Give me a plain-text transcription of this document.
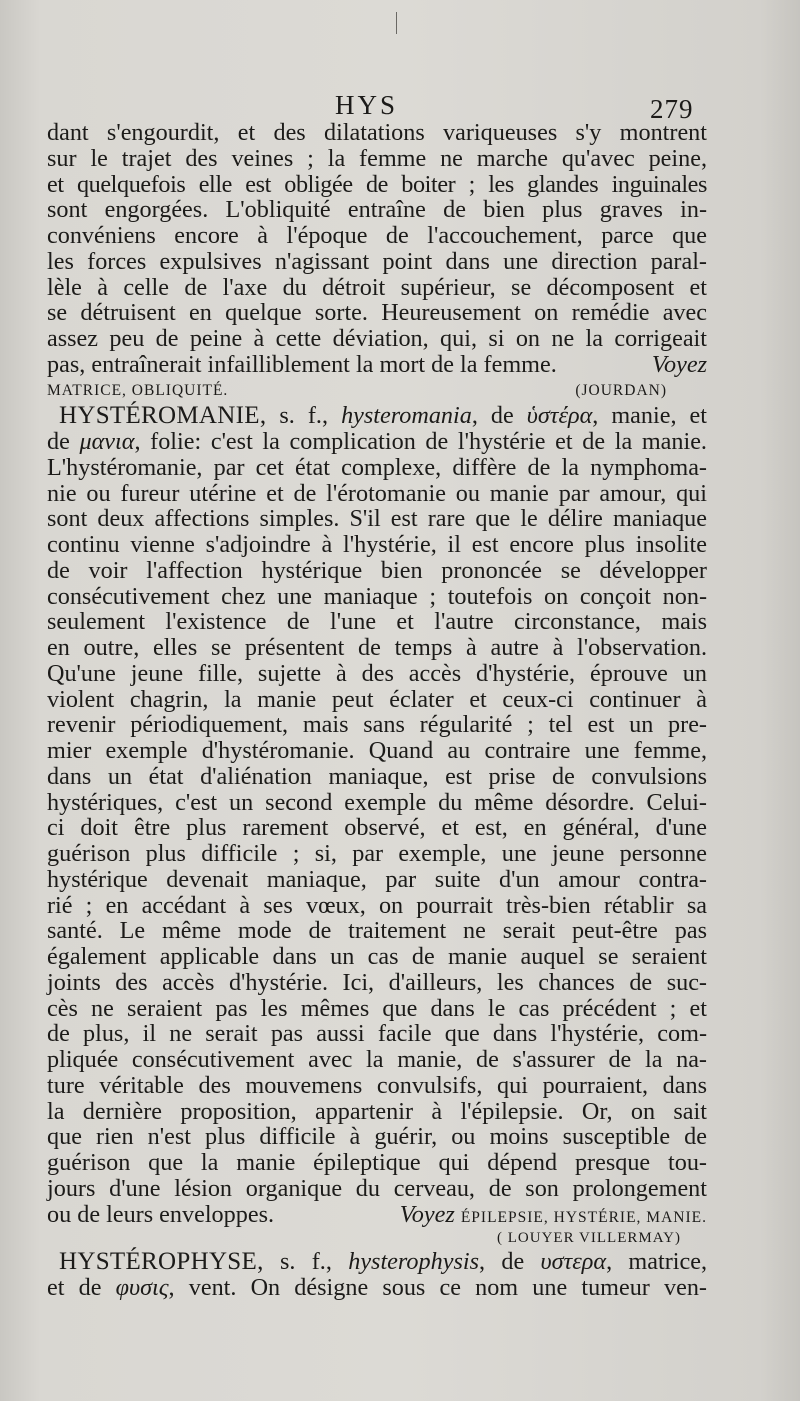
HYS	279
dant s'engourdit, et des dilatations variqueuses s'y montrent
sur le trajet des veines ; la femme ne marche qu'avec peine,
et quelquefois elle est obligée de boiter ; les glandes inguinales
sont engorgées. L'obliquité entraîne de bien plus graves in-
convéniens encore à l'époque de l'accouchement, parce que
les forces expulsives n'agissant point dans une direction paral-
lèle à celle de l'axe du détroit supérieur, se décomposent et
se détruisent en quelque sorte. Heureusement on remédie avec
assez peu de peine à cette déviation, qui, si on ne la corrigeait
pas, entraînerait infailliblement la mort de la femme.	Voyez
MATRICE, OBLIQUITÉ.	(JOURDAN)
HYSTÉROMANIE, s. f., hysteromania, de ὑστέρα, manie, et
de μανια, folie: c'est la complication de l'hystérie et de la manie.
L'hystéromanie, par cet état complexe, diffère de la nymphoma-
nie ou fureur utérine et de l'érotomanie ou manie par amour, qui
sont deux affections simples. S'il est rare que le délire maniaque
continu vienne s'adjoindre à l'hystérie, il est encore plus insolite
de voir l'affection hystérique bien prononcée se développer
consécutivement chez une maniaque ; toutefois on conçoit non-
seulement l'existence de l'une et l'autre circonstance, mais
en outre, elles se présentent de temps à autre à l'observation.
Qu'une jeune fille, sujette à des accès d'hystérie, éprouve un
violent chagrin, la manie peut éclater et ceux-ci continuer à
revenir périodiquement, mais sans régularité ; tel est un pre-
mier exemple d'hystéromanie. Quand au contraire une femme,
dans un état d'aliénation maniaque, est prise de convulsions
hystériques, c'est un second exemple du même désordre. Celui-
ci doit être plus rarement observé, et est, en général, d'une
guérison plus difficile ; si, par exemple, une jeune personne
hystérique devenait maniaque, par suite d'un amour contra-
rié ; en accédant à ses vœux, on pourrait très-bien rétablir sa
santé. Le même mode de traitement ne serait peut-être pas
également applicable dans un cas de manie auquel se seraient
joints des accès d'hystérie. Ici, d'ailleurs, les chances de suc-
cès ne seraient pas les mêmes que dans le cas précédent ; et
de plus, il ne serait pas aussi facile que dans l'hystérie, com-
pliquée consécutivement avec la manie, de s'assurer de la na-
ture véritable des mouvemens convulsifs, qui pourraient, dans
la dernière proposition, appartenir à l'épilepsie. Or, on sait
que rien n'est plus difficile à guérir, ou moins susceptible de
guérison que la manie épileptique qui dépend presque tou-
jours d'une lésion organique du cerveau, de son prolongement
ou de leurs enveloppes.	Voyez ÉPILEPSIE, HYSTÉRIE, MANIE.
( LOUYER VILLERMAY)
HYSTÉROPHYSE, s. f., hysterophysis, de υστερα, matrice,
et de φυσις, vent. On désigne sous ce nom une tumeur ven-
